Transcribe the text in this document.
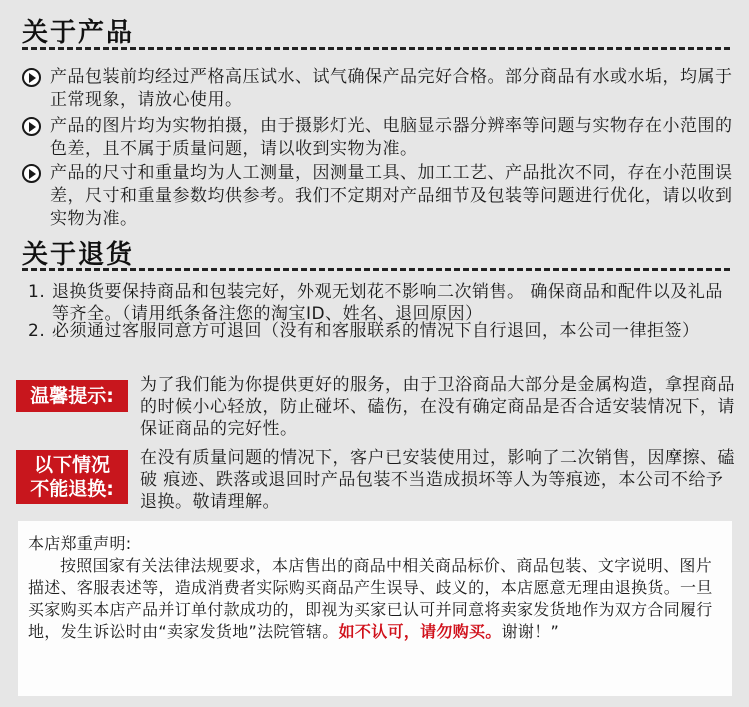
关于产品
产品包装前均经过严格高压试水、试气确保产品完好合格。部分商品有水或水垢，均属于正常现象，请放心使用。
产品的图片均为实物拍摄，由于摄影灯光、电脑显示器分辨率等问题与实物存在小范围的色差，且不属于质量问题，请以收到实物为准。
产品的尺寸和重量均为人工测量，因测量工具、加工工艺、产品批次不同，存在小范围误差，尺寸和重量参数均供参考。我们不定期对产品细节及包装等问题进行优化，请以收到实物为准。
关于退货
1. 退换货要保持商品和包装完好，外观无划花不影响二次销售。 确保商品和配件以及礼品等齐全。（请用纸条备注您的淘宝ID、姓名、退回原因）
2. 必须通过客服同意方可退回（没有和客服联系的情况下自行退回，本公司一律拒签）
温馨提示: 为了我们能为你提供更好的服务，由于卫浴商品大部分是金属构造，拿捏商品的时候小心轻放，防止碰坏、磕伤，在没有确定商品是否合适安装情况下，请保证商品的完好性。
以下情况
不能退换:
在没有质量问题的情况下，客户已安装使用过，影响了二次销售，因摩擦、磕破 痕迹、跌落或退回时产品包装不当造成损坏等人为等痕迹，本公司不给予退换。敬请理解。
本店郑重声明:
按照国家有关法律法规要求，本店售出的商品中相关商品标价、商品包装、文字说明、图片描述、客服表述等，造成消费者实际购买商品产生误导、歧义的，本店愿意无理由退换货。一旦买家购买本店产品并订单付款成功的，即视为买家已认可并同意将卖家发货地作为双方合同履行地，发生诉讼时由“卖家发货地”法院管辖。如不认可，请勿购买。谢谢！”
